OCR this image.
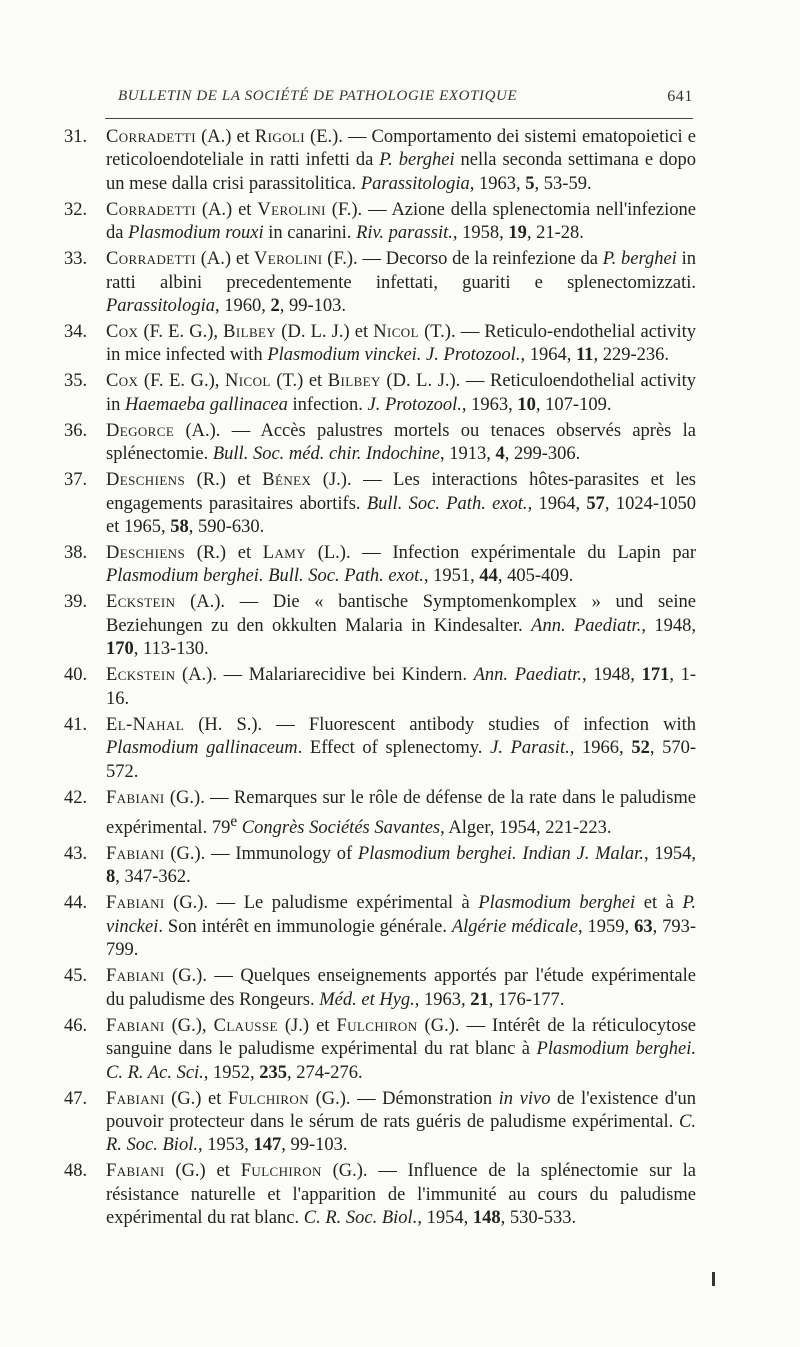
BULLETIN DE LA SOCIÉTÉ DE PATHOLOGIE EXOTIQUE	641
31. Corradetti (A.) et Rigoli (E.). — Comportamento dei sistemi ematopoietici e reticoloendoteliale in ratti infetti da P. berghei nella seconda settimana e dopo un mese dalla crisi parassitolitica. Parassitologia, 1963, 5, 53-59.
32. Corradetti (A.) et Verolini (F.). — Azione della splenectomia nell'infezione da Plasmodium rouxi in canarini. Riv. parassit., 1958, 19, 21-28.
33. Corradetti (A.) et Verolini (F.). — Decorso de la reinfezione da P. berghei in ratti albini precedentemente infettati, guariti e splenectomizzati. Parassitologia, 1960, 2, 99-103.
34. Cox (F. E. G.), Bilbey (D. L. J.) et Nicol (T.). — Reticulo-endothelial activity in mice infected with Plasmodium vinckei. J. Protozool., 1964, 11, 229-236.
35. Cox (F. E. G.), Nicol (T.) et Bilbey (D. L. J.). — Reticuloendothelial activity in Haemaeba gallinacea infection. J. Protozool., 1963, 10, 107-109.
36. Degorce (A.). — Accès palustres mortels ou tenaces observés après la splénectomie. Bull. Soc. méd. chir. Indochine, 1913, 4, 299-306.
37. Deschiens (R.) et Bénex (J.). — Les interactions hôtes-parasites et les engagements parasitaires abortifs. Bull. Soc. Path. exot., 1964, 57, 1024-1050 et 1965, 58, 590-630.
38. Deschiens (R.) et Lamy (L.). — Infection expérimentale du Lapin par Plasmodium berghei. Bull. Soc. Path. exot., 1951, 44, 405-409.
39. Eckstein (A.). — Die « bantische Symptomenkomplex » und seine Beziehungen zu den okkulten Malaria in Kindesalter. Ann. Paediatr., 1948, 170, 113-130.
40. Eckstein (A.). — Malariarecidive bei Kindern. Ann. Paediatr., 1948, 171, 1-16.
41. El-Nahal (H. S.). — Fluorescent antibody studies of infection with Plasmodium gallinaceum. Effect of splenectomy. J. Parasit., 1966, 52, 570-572.
42. Fabiani (G.). — Remarques sur le rôle de défense de la rate dans le paludisme expérimental. 79e Congrès Sociétés Savantes, Alger, 1954, 221-223.
43. Fabiani (G.). — Immunology of Plasmodium berghei. Indian J. Malar., 1954, 8, 347-362.
44. Fabiani (G.). — Le paludisme expérimental à Plasmodium berghei et à P. vinckei. Son intérêt en immunologie générale. Algérie médicale, 1959, 63, 793-799.
45. Fabiani (G.). — Quelques enseignements apportés par l'étude expérimentale du paludisme des Rongeurs. Méd. et Hyg., 1963, 21, 176-177.
46. Fabiani (G.), Clausse (J.) et Fulchiron (G.). — Intérêt de la réticulocytose sanguine dans le paludisme expérimental du rat blanc à Plasmodium berghei. C. R. Ac. Sci., 1952, 235, 274-276.
47. Fabiani (G.) et Fulchiron (G.). — Démonstration in vivo de l'existence d'un pouvoir protecteur dans le sérum de rats guéris de paludisme expérimental. C. R. Soc. Biol., 1953, 147, 99-103.
48. Fabiani (G.) et Fulchiron (G.). — Influence de la splénectomie sur la résistance naturelle et l'apparition de l'immunité au cours du paludisme expérimental du rat blanc. C. R. Soc. Biol., 1954, 148, 530-533.
